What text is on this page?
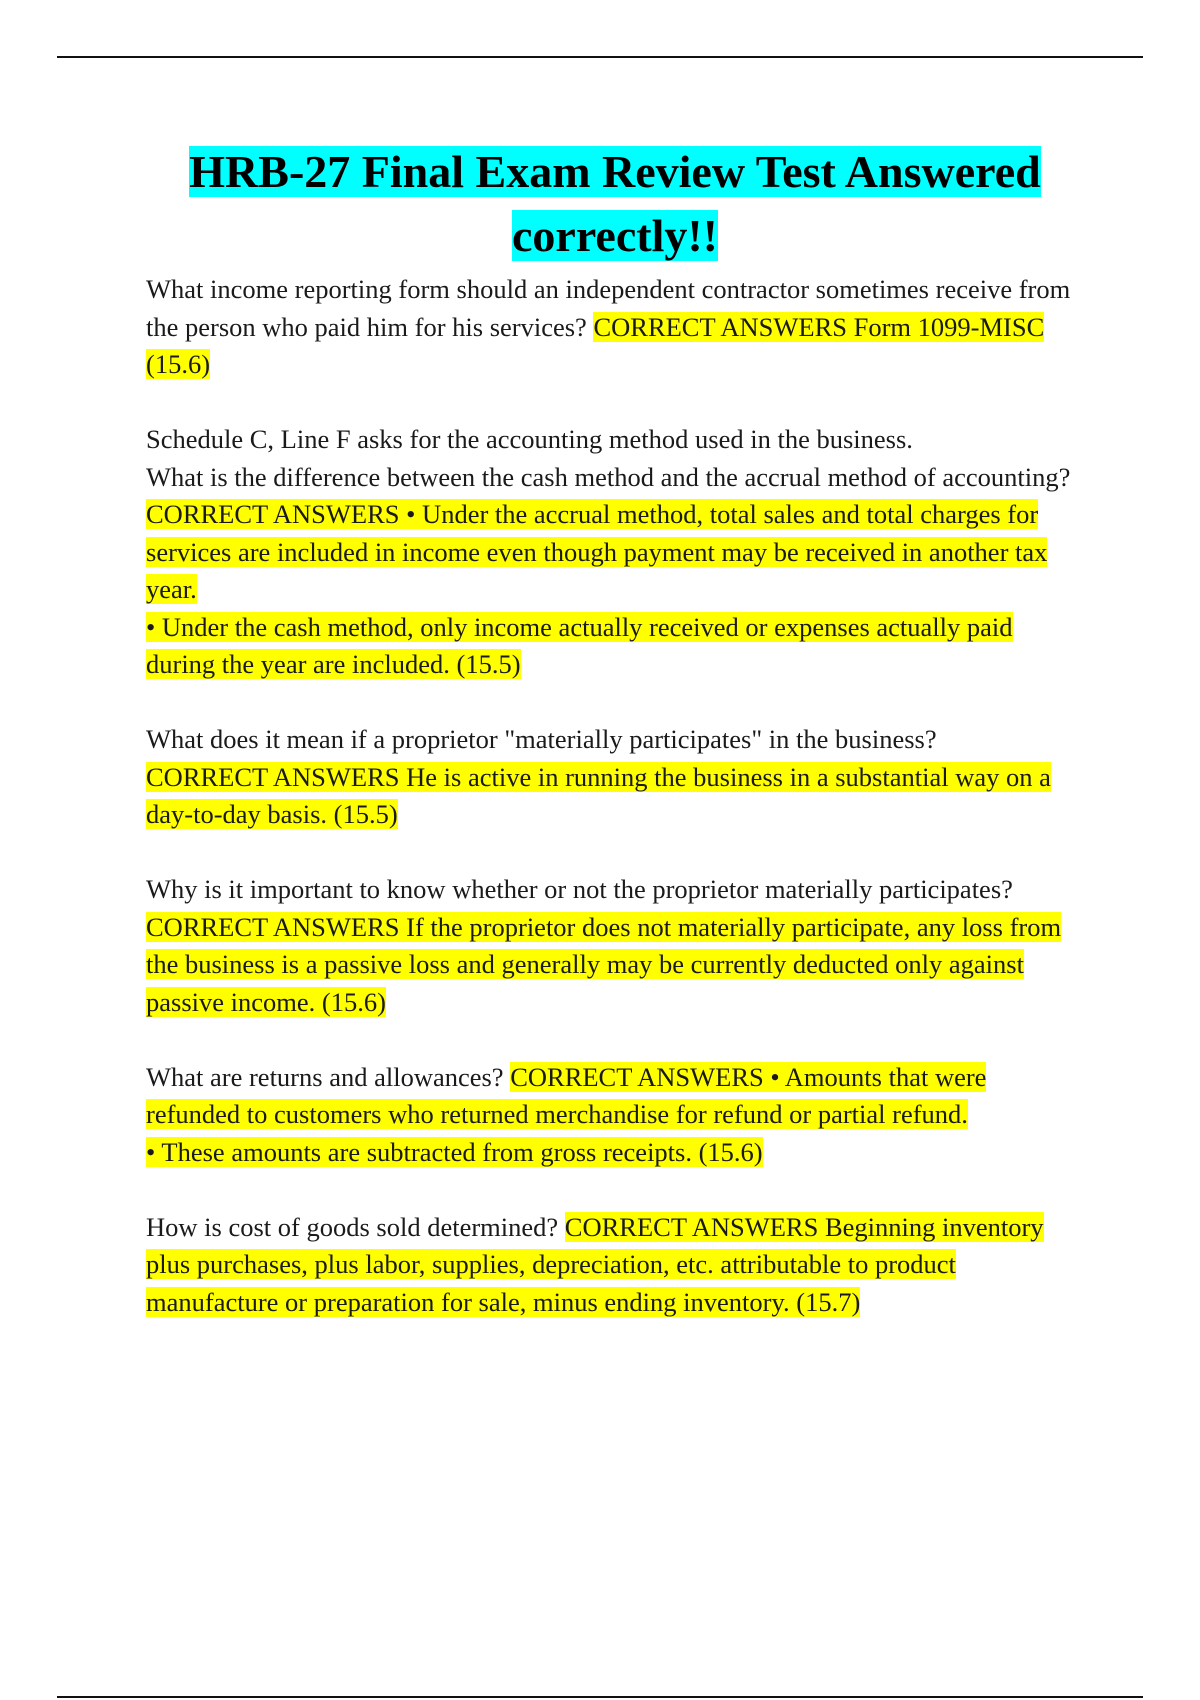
HRB-27 Final Exam Review Test Answered
correctly!!

What income reporting form should an independent contractor sometimes receive from the person who paid him for his services? CORRECT ANSWERS Form 1099-MISC (15.6)

Schedule C, Line F asks for the accounting method used in the business.
What is the difference between the cash method and the accrual method of accounting? CORRECT ANSWERS • Under the accrual method, total sales and total charges for services are included in income even though payment may be received in another tax year.
• Under the cash method, only income actually received or expenses actually paid during the year are included. (15.5)

What does it mean if a proprietor "materially participates" in the business?
CORRECT ANSWERS He is active in running the business in a substantial way on a day-to-day basis. (15.5)

Why is it important to know whether or not the proprietor materially participates?
CORRECT ANSWERS If the proprietor does not materially participate, any loss from the business is a passive loss and generally may be currently deducted only against passive income. (15.6)

What are returns and allowances? CORRECT ANSWERS • Amounts that were refunded to customers who returned merchandise for refund or partial refund.
• These amounts are subtracted from gross receipts. (15.6)

How is cost of goods sold determined? CORRECT ANSWERS Beginning inventory plus purchases, plus labor, supplies, depreciation, etc. attributable to product manufacture or preparation for sale, minus ending inventory. (15.7)
